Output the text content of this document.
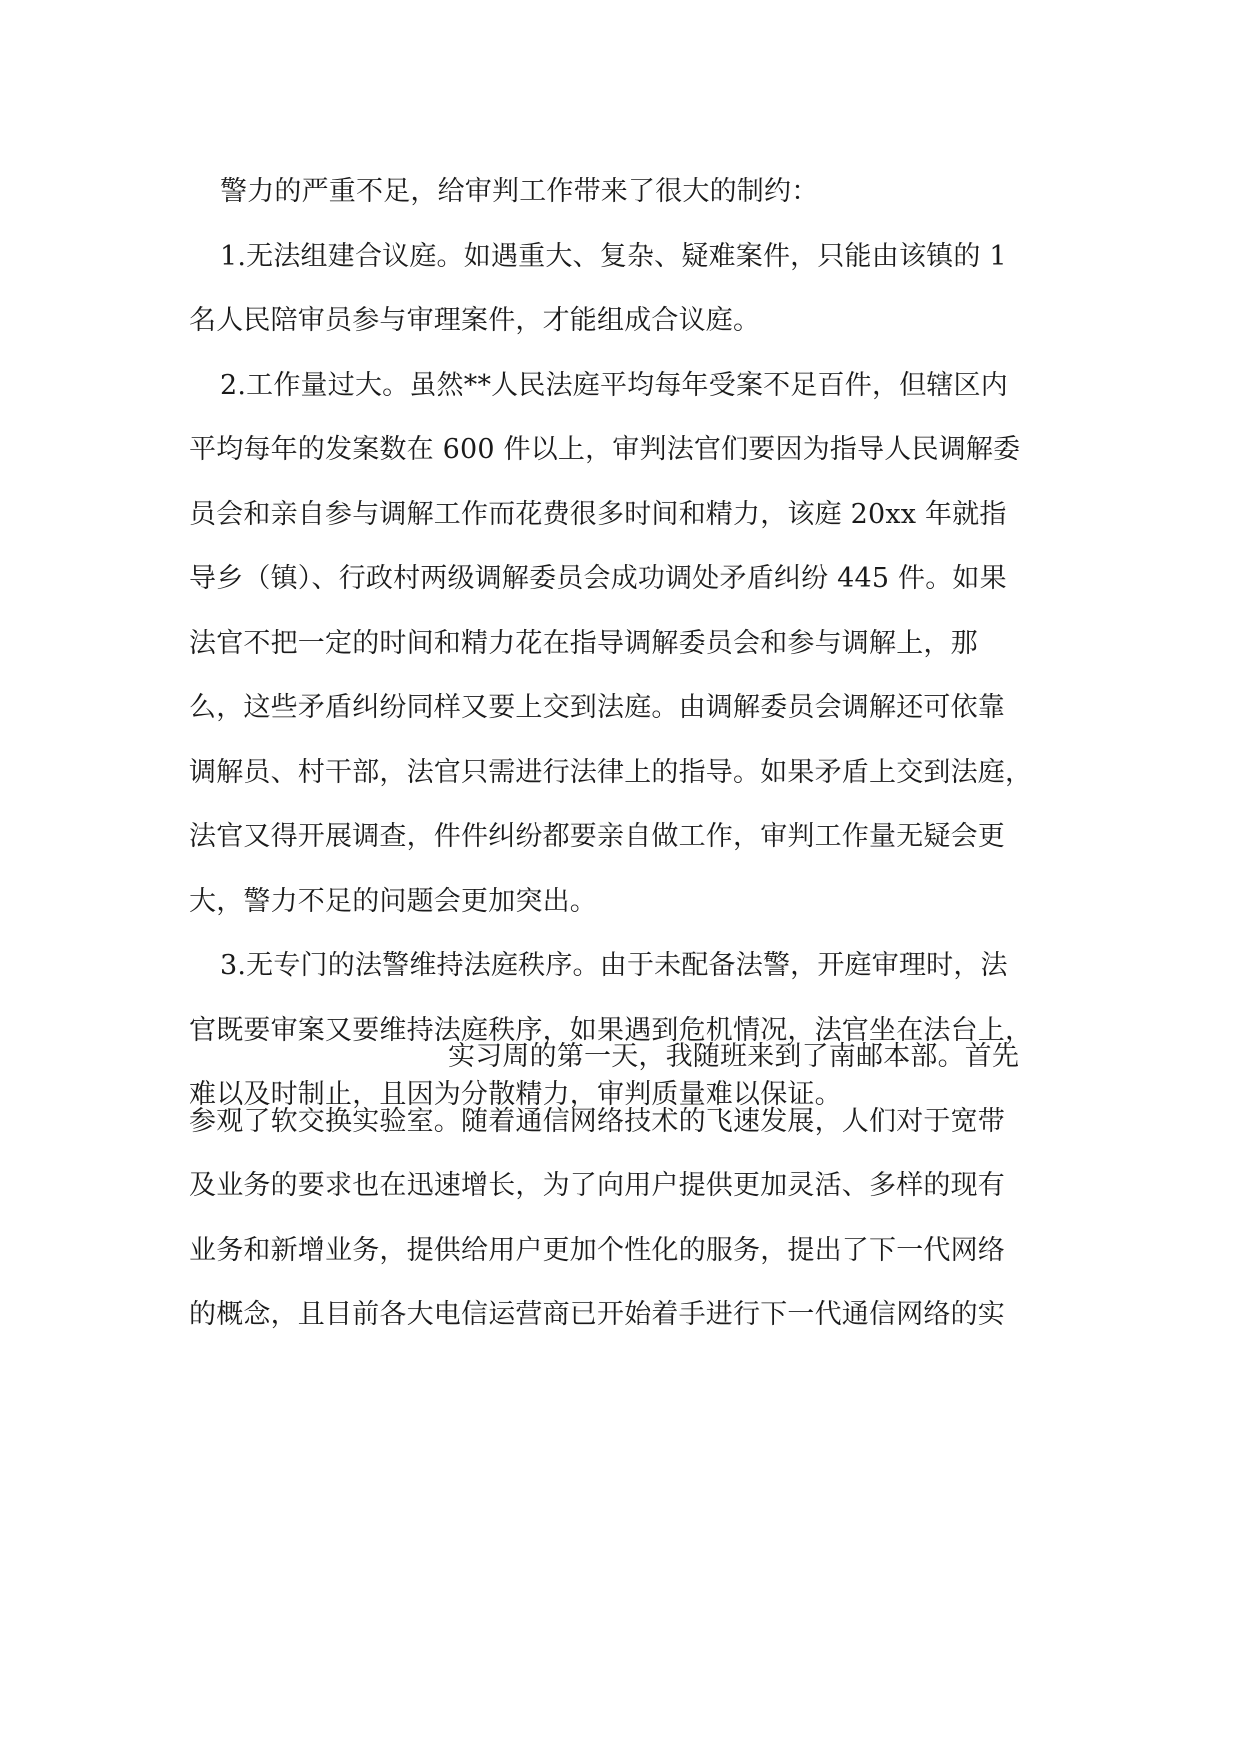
警力的严重不足，给审判工作带来了很大的制约：
1.无法组建合议庭。如遇重大、复杂、疑难案件，只能由该镇的 1
名人民陪审员参与审理案件，才能组成合议庭。
2.工作量过大。虽然**人民法庭平均每年受案不足百件，但辖区内
平均每年的发案数在 600 件以上，审判法官们要因为指导人民调解委
员会和亲自参与调解工作而花费很多时间和精力，该庭 20xx 年就指
导乡（镇）、行政村两级调解委员会成功调处矛盾纠纷 445 件。如果
法官不把一定的时间和精力花在指导调解委员会和参与调解上，那
么，这些矛盾纠纷同样又要上交到法庭。由调解委员会调解还可依靠
调解员、村干部，法官只需进行法律上的指导。如果矛盾上交到法庭，
法官又得开展调查，件件纠纷都要亲自做工作，审判工作量无疑会更
大，警力不足的问题会更加突出。
3.无专门的法警维持法庭秩序。由于未配备法警，开庭审理时，法
官既要审案又要维持法庭秩序，如果遇到危机情况，法官坐在法台上，
难以及时制止，且因为分散精力，审判质量难以保证。
实习周的第一天，我随班来到了南邮本部。首先
参观了软交换实验室。随着通信网络技术的飞速发展，人们对于宽带
及业务的要求也在迅速增长，为了向用户提供更加灵活、多样的现有
业务和新增业务，提供给用户更加个性化的服务，提出了下一代网络
的概念，且目前各大电信运营商已开始着手进行下一代通信网络的实
